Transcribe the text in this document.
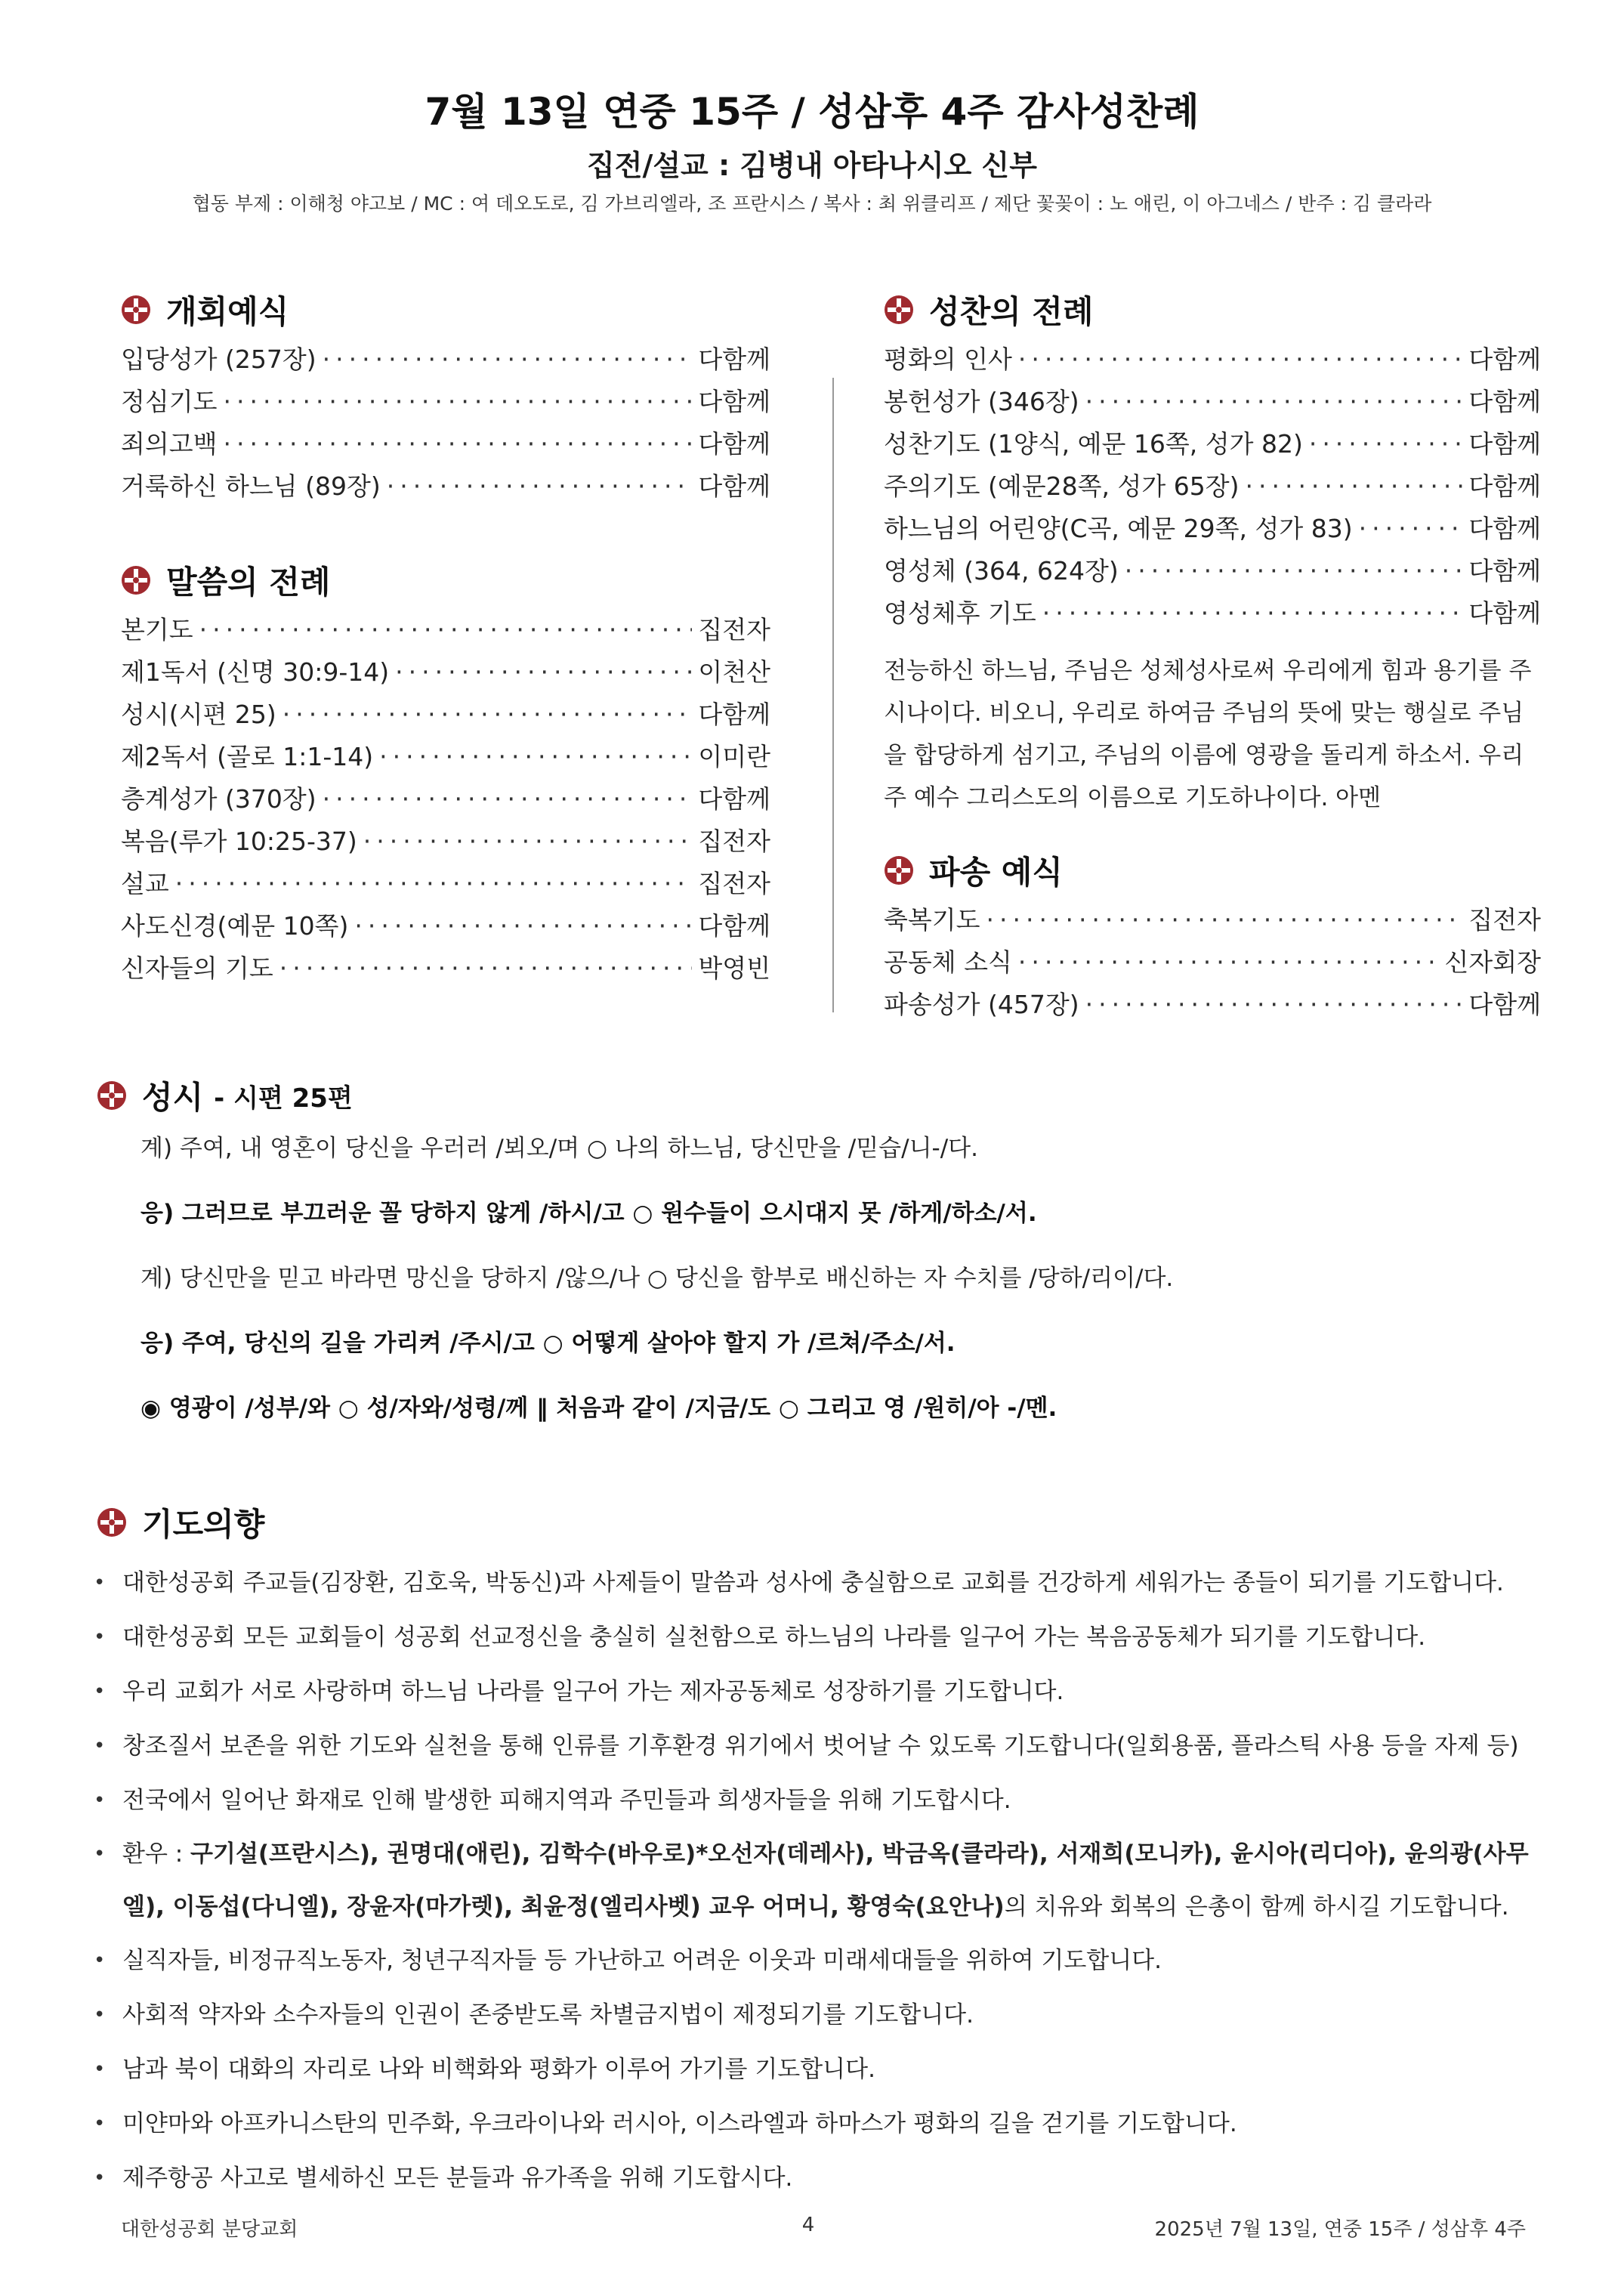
7월 13일 연중 15주 / 성삼후 4주 감사성찬례
집전/설교 : 김병내 아타나시오 신부
협동 부제 : 이해청 야고보 / MC : 여 데오도로, 김 가브리엘라, 조 프란시스 / 복사 : 최 위클리프 / 제단 꽃꽂이 : 노 애린, 이 아그네스 / 반주 : 김 클라라
개회예식
입당성가 (257장) ·····	다함께
정심기도 ·····	다함께
죄의고백 ·····	다함께
거룩하신 하느님 (89장) ·····	다함께
말씀의 전례
본기도 ·····	집전자
제1독서 (신명 30:9-14) ·····	이천산
성시(시편 25) ·····	다함께
제2독서 (골로 1:1-14) ·····	이미란
층계성가 (370장) ·····	다함께
복음(루가 10:25-37) ·····	집전자
설교 ·····	집전자
사도신경(예문 10쪽) ·····	다함께
신자들의 기도 ·····	박영빈
성찬의 전례
평화의 인사 ·····	다함께
봉헌성가 (346장) ·····	다함께
성찬기도 (1양식, 예문 16쪽, 성가 82) ·····	다함께
주의기도 (예문28쪽, 성가 65장) ·····	다함께
하느님의 어린양(C곡, 예문 29쪽, 성가 83) ·····	다함께
영성체 (364, 624장) ·····	다함께
영성체후 기도 ·····	다함께
전능하신 하느님, 주님은 성체성사로써 우리에게 힘과 용기를 주시나이다. 비오니, 우리로 하여금 주님의 뜻에 맞는 행실로 주님을 합당하게 섬기고, 주님의 이름에 영광을 돌리게 하소서. 우리 주 예수 그리스도의 이름으로 기도하나이다. 아멘
파송 예식
축복기도 ·····	집전자
공동체 소식 ·····	신자회장
파송성가 (457장) ·····	다함께
성시 - 시편 25편
계) 주여, 내 영혼이 당신을 우러러 /뵈오/며 ○ 나의 하느님, 당신만을 /믿습/니-/다.
응) 그러므로 부끄러운 꼴 당하지 않게 /하시/고 ○ 원수들이 으시대지 못 /하게/하소/서.
계) 당신만을 믿고 바라면 망신을 당하지 /않으/나 ○ 당신을 함부로 배신하는 자 수치를 /당하/리이/다.
응) 주여, 당신의 길을 가리켜 /주시/고 ○ 어떻게 살아야 할지 가 /르쳐/주소/서.
◉ 영광이 /성부/와 ○ 성/자와/성령/께 ‖ 처음과 같이 /지금/도 ○ 그리고 영 /원히/아 -/멘.
기도의향
• 대한성공회 주교들(김장환, 김호욱, 박동신)과 사제들이 말씀과 성사에 충실함으로 교회를 건강하게 세워가는 종들이 되기를 기도합니다.
• 대한성공회 모든 교회들이 성공회 선교정신을 충실히 실천함으로 하느님의 나라를 일구어 가는 복음공동체가 되기를 기도합니다.
• 우리 교회가 서로 사랑하며 하느님 나라를 일구어 가는 제자공동체로 성장하기를 기도합니다.
• 창조질서 보존을 위한 기도와 실천을 통해 인류를 기후환경 위기에서 벗어날 수 있도록 기도합니다(일회용품, 플라스틱 사용 등을 자제 등)
• 전국에서 일어난 화재로 인해 발생한 피해지역과 주민들과 희생자들을 위해 기도합시다.
• 환우 : 구기설(프란시스), 권명대(애린), 김학수(바우로)*오선자(데레사), 박금옥(클라라), 서재희(모니카), 윤시아(리디아), 윤의광(사무엘), 이동섭(다니엘), 장윤자(마가렛), 최윤정(엘리사벳) 교우 어머니, 황영숙(요안나)의 치유와 회복의 은총이 함께 하시길 기도합니다.
• 실직자들, 비정규직노동자, 청년구직자들 등 가난하고 어려운 이웃과 미래세대들을 위하여 기도합니다.
• 사회적 약자와 소수자들의 인권이 존중받도록 차별금지법이 제정되기를 기도합니다.
• 남과 북이 대화의 자리로 나와 비핵화와 평화가 이루어 가기를 기도합니다.
• 미얀마와 아프카니스탄의 민주화, 우크라이나와 러시아, 이스라엘과 하마스가 평화의 길을 걷기를 기도합니다.
• 제주항공 사고로 별세하신 모든 분들과 유가족을 위해 기도합시다.
대한성공회 분당교회	4	2025년 7월 13일, 연중 15주 / 성삼후 4주
